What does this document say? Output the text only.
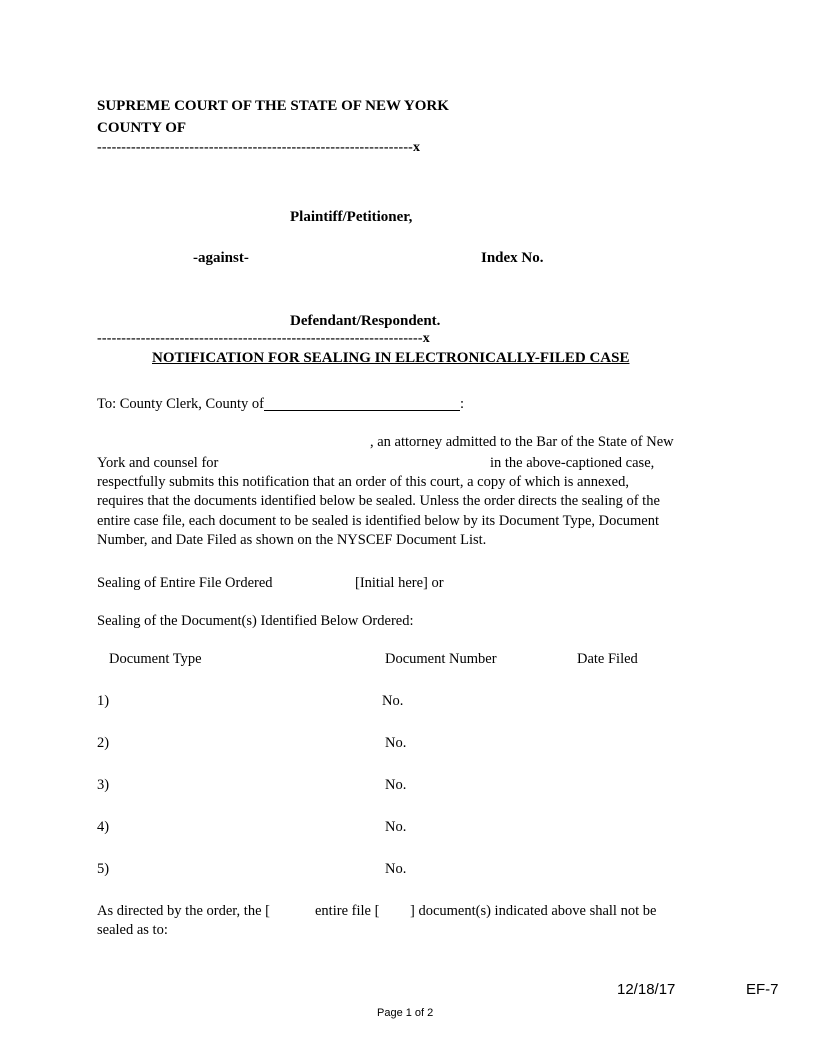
SUPREME COURT OF THE STATE OF NEW YORK
COUNTY OF
-----------------------------------------------------------------x
Plaintiff/Petitioner,
-against-	Index No.
Defendant/Respondent.
-------------------------------------------------------------------x
NOTIFICATION FOR SEALING IN ELECTRONICALLY-FILED CASE
To: County Clerk, County of	:
, an attorney admitted to the Bar of the State of New
York and counsel for	in the above-captioned case,
respectfully submits this notification that an order of this court, a copy of which is annexed,
requires that the documents identified below be sealed. Unless the order directs the sealing of the
entire case file, each document to be sealed is identified below by its Document Type, Document
Number, and Date Filed as shown on the NYSCEF Document List.
Sealing of Entire File Ordered	[Initial here] or
Sealing of the Document(s) Identified Below Ordered:
Document Type	Document Number	Date Filed
1)	No.
2)	No.
3)	No.
4)	No.
5)	No.
As directed by the order, the [	entire file [ ] document(s) indicated above shall not be
sealed as to:
12/18/17	EF-7
Page 1 of 2
